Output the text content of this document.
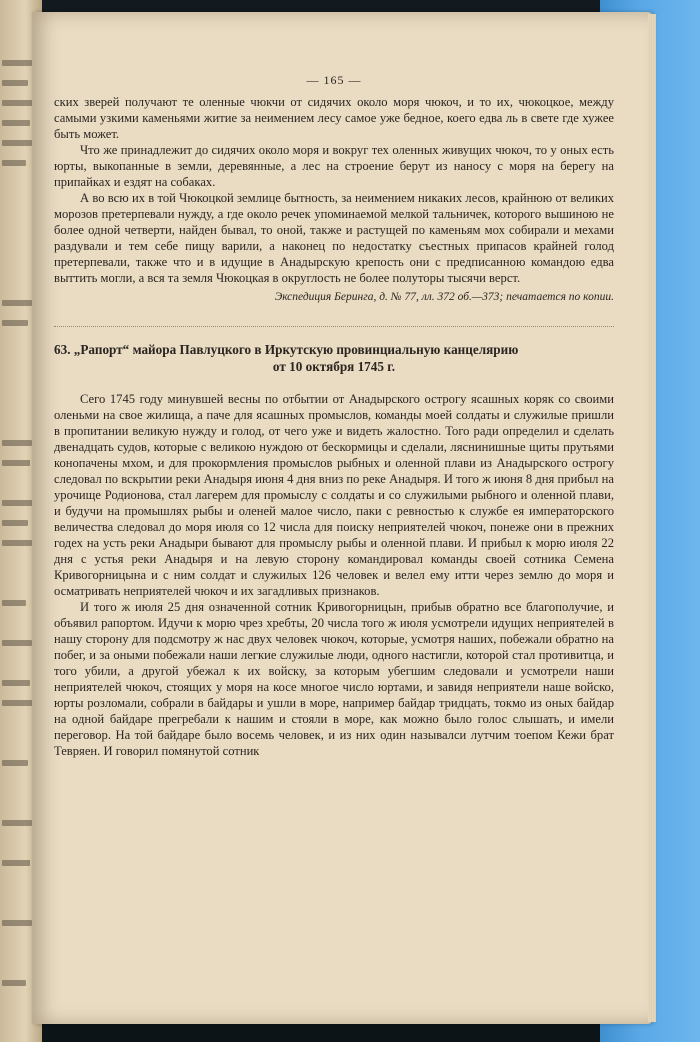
— 165 —

ских зверей получают те оленные чюкчи от сидячих около моря чюкоч, и то их, чюкоцкое, между самыми узкими каменьями житие за неимением лесу самое уже бедное, коего едва ль в свете где хужее быть может.

Что же принадлежит до сидячих около моря и вокруг тех оленных живущих чюкоч, то у оных есть юрты, выкопанные в земли, деревянные, а лес на строение берут из наносу с моря на берегу на припайках и ездят на собаках.

А во всю их в той Чюкоцкой землице бытность, за неимением никаких лесов, крайнюю от великих морозов претерпевали нужду, а где около речек упоминаемой мелкой тальничек, которого вышиною не более одной четверти, найден бывал, то оной, также и растущей по каменьям мох собирали и мехами раздували и тем себе пищу варили, а наконец по недостатку съестных припасов крайней голод претерпевали, также что и в идущие в Анадырскую крепость они с предписанною командою едва выттить могли, а вся та земля Чюкоцкая в округлость не более полуторы тысячи верст.

Экспедиция Беринга, д. № 77, лл. 372 об.—373; печатается по копии.
63. „Рапорт“ майора Павлуцкого в Иркутскую провинциальную канцелярию
от 10 октября 1745 г.

Сего 1745 году минувшей весны по отбытии от Анадырского острогу ясашных коряк со своими оленьми на свое жилища, а паче для ясашных промыслов, команды моей солдаты и служилые пришли в пропитании великую нужду и голод, от чего уже и видеть жалостно. Того ради определил и сделать двенадцать судов, которые с великою нуждою от бескормицы и сделали, ляснинишные щиты прутьями конопачены мхом, и для прокормления промыслов рыбных и оленной плави из Анадырского острогу следовал по вскрытии реки Анадыря июня 4 дня вниз по реке Анадыря. И того ж июня 8 дня прибыл на урочище Родионова, стал лагерем для промыслу с солдаты и со служилыми рыбного и оленной плави, и будучи на промышлях рыбы и оленей малое число, паки с ревностью к службе ея императорского величества следовал до моря июля со 12 числа для поиску неприятелей чюкоч, понеже они в прежних годех на усть реки Анадыри бывают для промыслу рыбы и оленной плави. И прибыл к морю июля 22 дня с устья реки Анадыря и на левую сторону командировал команды своей сотника Семена Кривогорницына и с ним солдат и служилых 126 человек и велел ему итти через землю до моря и осматривать неприятелей чюкоч и их загадливых признаков.

И того ж июля 25 дня означенной сотник Кривогорницын, прибыв обратно все благополучие, и объявил рапортом. Идучи к морю чрез хребты, 20 числа того ж июля усмотрели идущих неприятелей в нашу сторону для подсмотру ж нас двух человек чюкоч, которые, усмотря наших, побежали обратно на побег, и за оными побежали наши легкие служилые люди, одного настигли, которой стал противитца, и того убили, а другой убежал к их войску, за которым убегшим следовали и усмотрели наши неприятелей чюкоч, стоящих у моря на косе многое число юртами, и завидя неприятели наше войско, юрты розломали, собрали в байдары и ушли в море, например байдар тридцать, токмо из оных байдар на одной байдаре прегребали к нашим и стояли в море, как можно было голос слышать, и имели переговор. На той байдаре было восемь человек, и из них один называлси лутчим тоепом Кежи брат Тевряен. И говорил помянутой сотник
